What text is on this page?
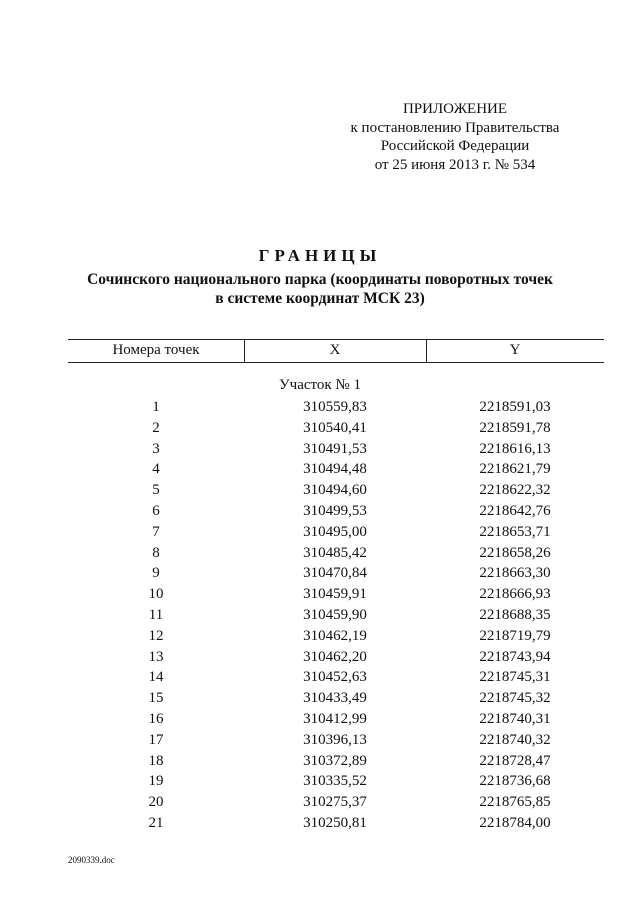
ПРИЛОЖЕНИЕ
к постановлению Правительства
Российской Федерации
от 25 июня 2013 г. № 534
ГРАНИЦЫ
Сочинского национального парка (координаты поворотных точек
в системе координат МСК 23)
Номера точек	X	Y
Участок № 1
1	310559,83	2218591,03
2	310540,41	2218591,78
3	310491,53	2218616,13
4	310494,48	2218621,79
5	310494,60	2218622,32
6	310499,53	2218642,76
7	310495,00	2218653,71
8	310485,42	2218658,26
9	310470,84	2218663,30
10	310459,91	2218666,93
11	310459,90	2218688,35
12	310462,19	2218719,79
13	310462,20	2218743,94
14	310452,63	2218745,31
15	310433,49	2218745,32
16	310412,99	2218740,31
17	310396,13	2218740,32
18	310372,89	2218728,47
19	310335,52	2218736,68
20	310275,37	2218765,85
21	310250,81	2218784,00
2090339.doc
